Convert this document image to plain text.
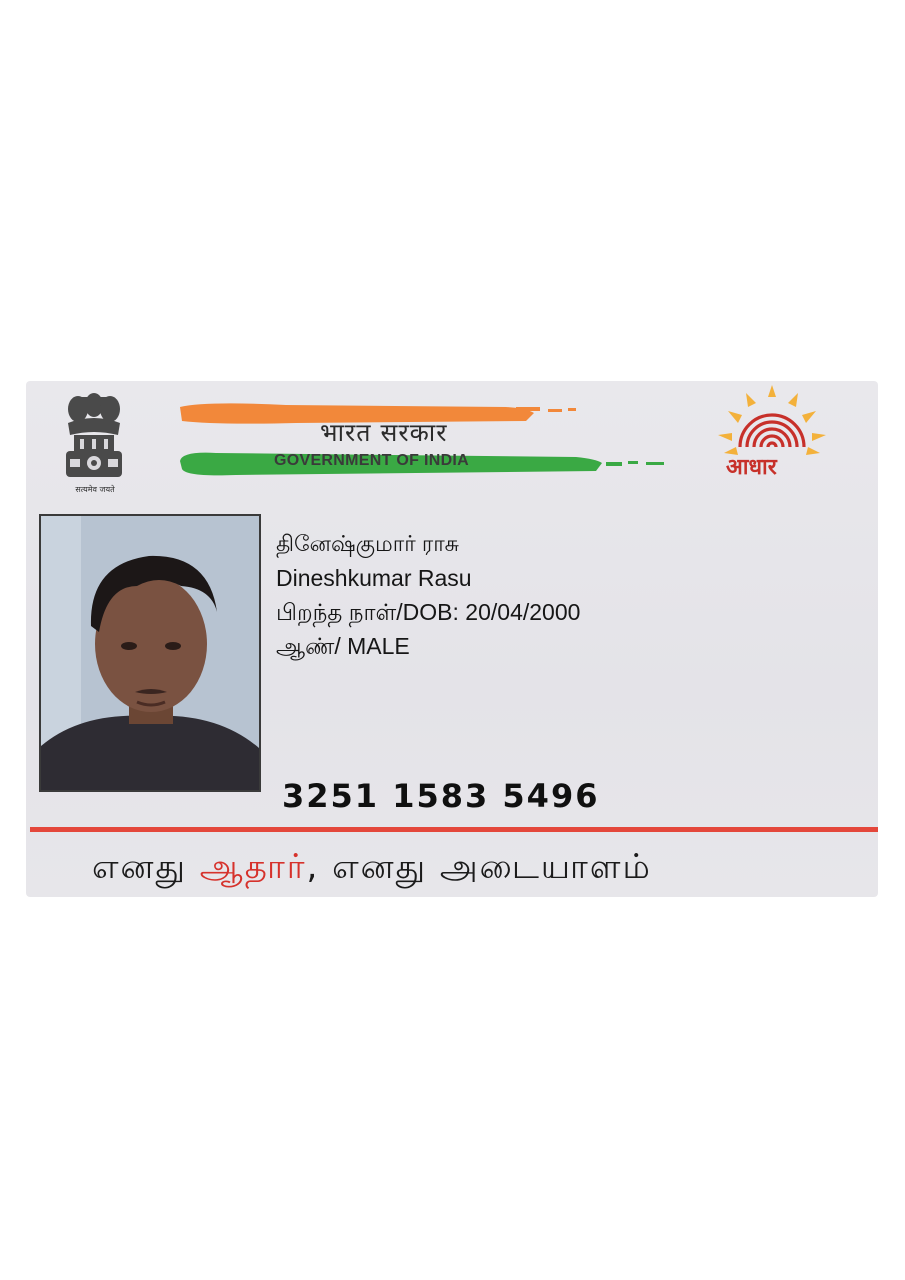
सत्यमेव जयते
भारत सरकार
GOVERNMENT OF INDIA	आधार
தினேஷ்குமார் ராசு
Dineshkumar Rasu
பிறந்த நாள்/DOB: 20/04/2000
ஆண்/ MALE
3251 1583 5496
எனது ஆதார், எனது அடையாளம்
